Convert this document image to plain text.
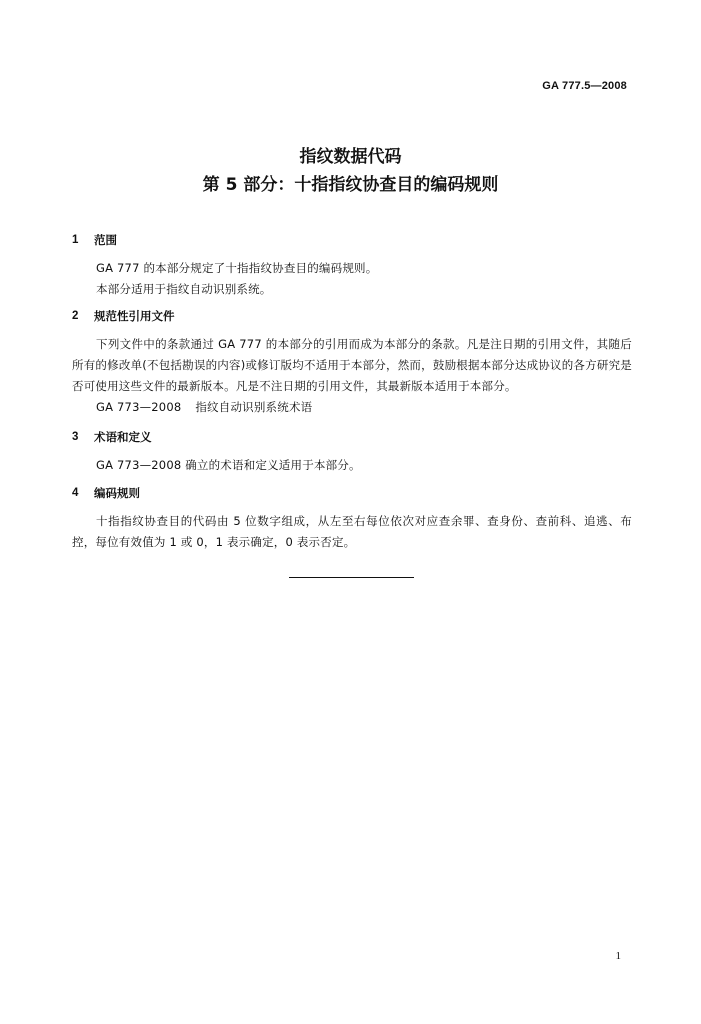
GA 777.5—2008
指纹数据代码
第 5 部分：十指指纹协查目的编码规则
1	范围
GA 777 的本部分规定了十指指纹协查目的编码规则。
本部分适用于指纹自动识别系统。
2	规范性引用文件
下列文件中的条款通过 GA 777 的本部分的引用而成为本部分的条款。凡是注日期的引用文件，其随后所有的修改单(不包括勘误的内容)或修订版均不适用于本部分，然而，鼓励根据本部分达成协议的各方研究是否可使用这些文件的最新版本。凡是不注日期的引用文件，其最新版本适用于本部分。
GA 773—2008 指纹自动识别系统术语
3	术语和定义
GA 773—2008 确立的术语和定义适用于本部分。
4	编码规则
十指指纹协查目的代码由 5 位数字组成，从左至右每位依次对应查余罪、查身份、查前科、追逃、布控，每位有效值为 1 或 0，1 表示确定，0 表示否定。
1
